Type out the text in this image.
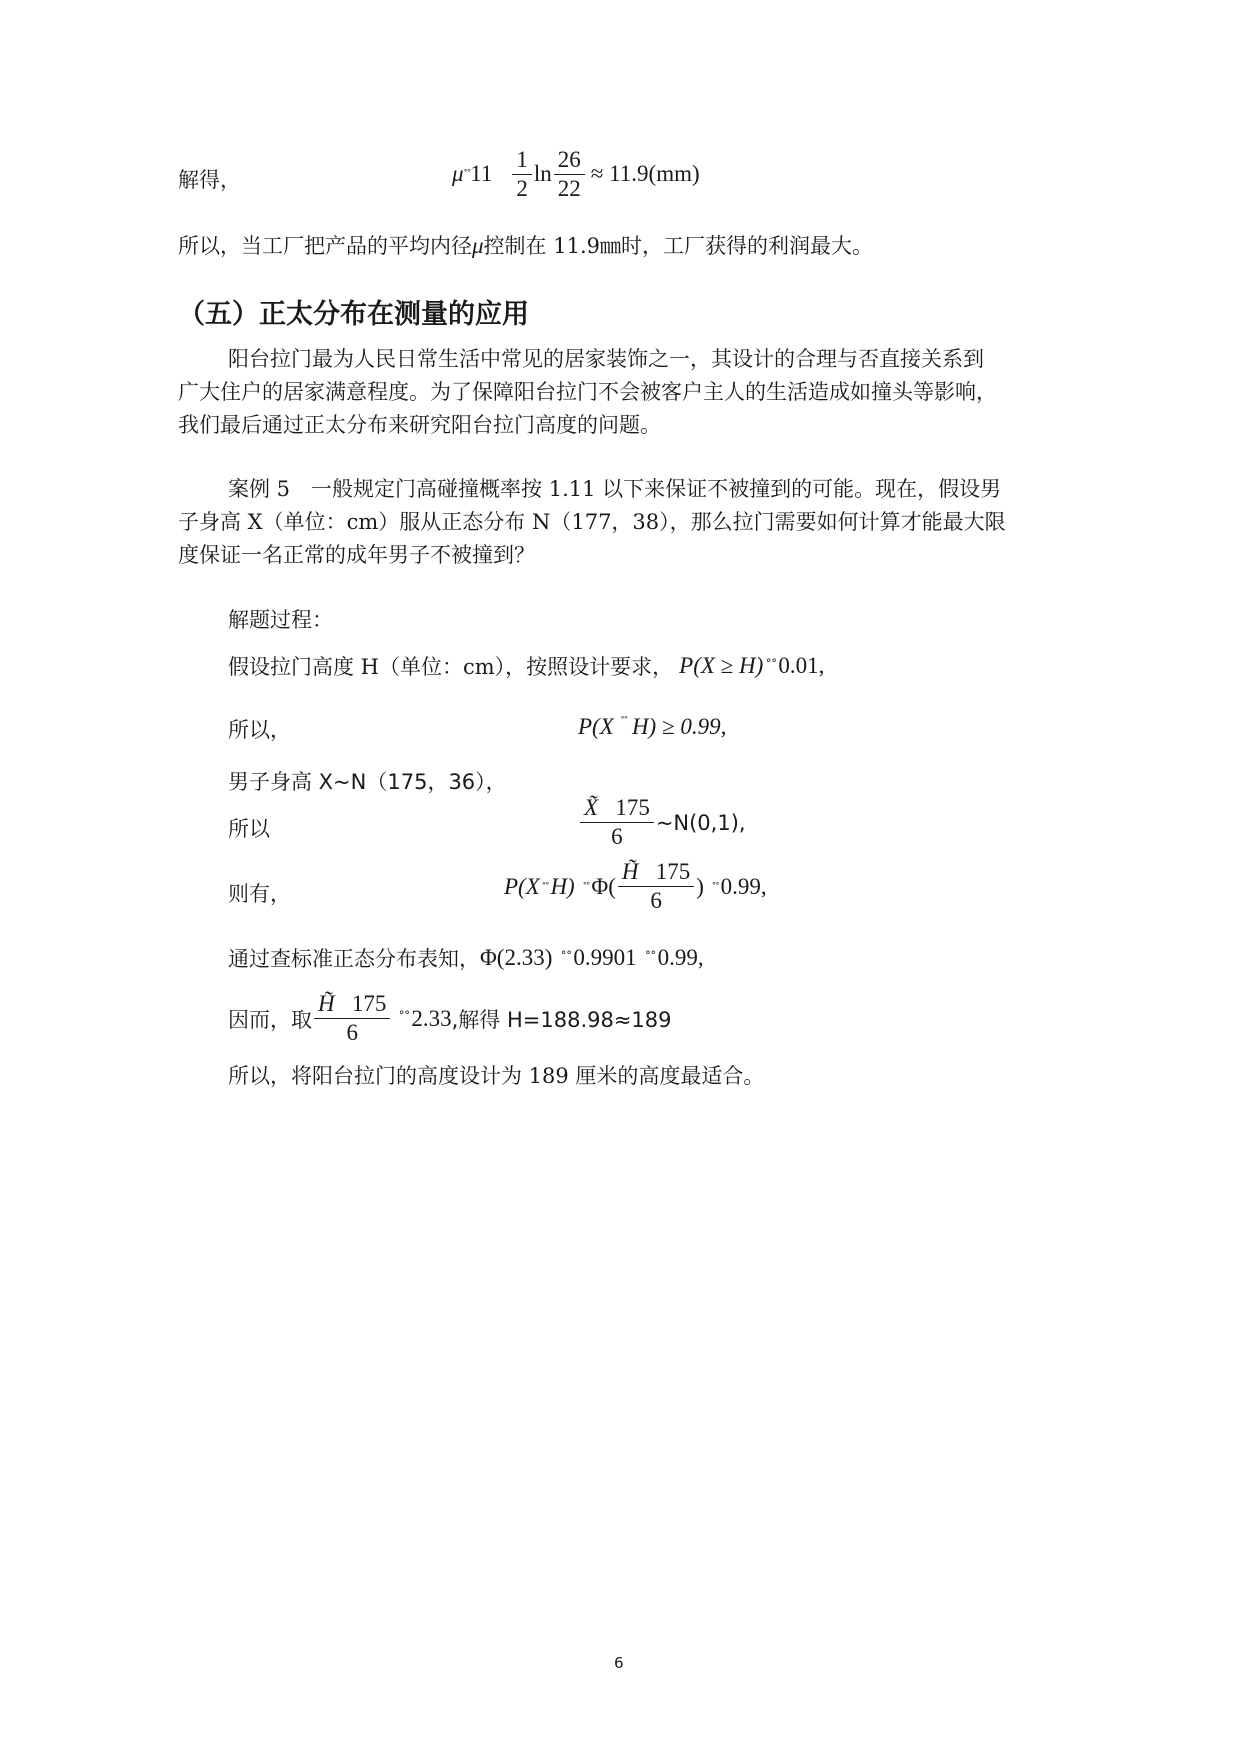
解得，	μ ˚˚ $11 \frac{1}{2}$ $\ln \frac{26}{22} \approx 11.9(mm)$
所以，当工厂把产品的平均内径μ控制在 11.9㎜时，工厂获得的利润最大。
（五）正太分布在测量的应用

阳台拉门最为人民日常生活中常见的居家装饰之一，其设计的合理与否直接关系到

广大住户的居家满意程度。为了保障阳台拉门不会被客户主人的生活造成如撞头等影响，

我们最后通过正太分布来研究阳台拉门高度的问题。

案例 5　一般规定门高碰撞概率按 1.11 以下来保证不被撞到的可能。现在，假设男

子身高 X（单位：cm）服从正态分布 N（177，38），那么拉门需要如何计算才能最大限

度保证一名正常的成年男子不被撞到？

解题过程：
假设拉门高度 H（单位：cm），按照设计要求， P(X ≥ H) ˚˚ 0.01,
所以，	P(X ˚˚ H) ≥ 0.99,
男子身高 X~N（175，36），
所以	$\frac{X̃ 175}{6}$ ~N(0,1),
则有，	P(X ˚˚ H) ˚˚ $\Phi( \frac{H̃ 175}{6}$ ) ˚˚ 0.99,
通过查标准正态分布表知， Φ(2.33) ˚˚ 0.9901 ˚˚ 0.99,
因而，取 $\frac{H̃ 175}{6}$ ˚˚ 2.33 ,解得 H=188.98≈189
所以，将阳台拉门的高度设计为 189 厘米的高度最适合。
6
